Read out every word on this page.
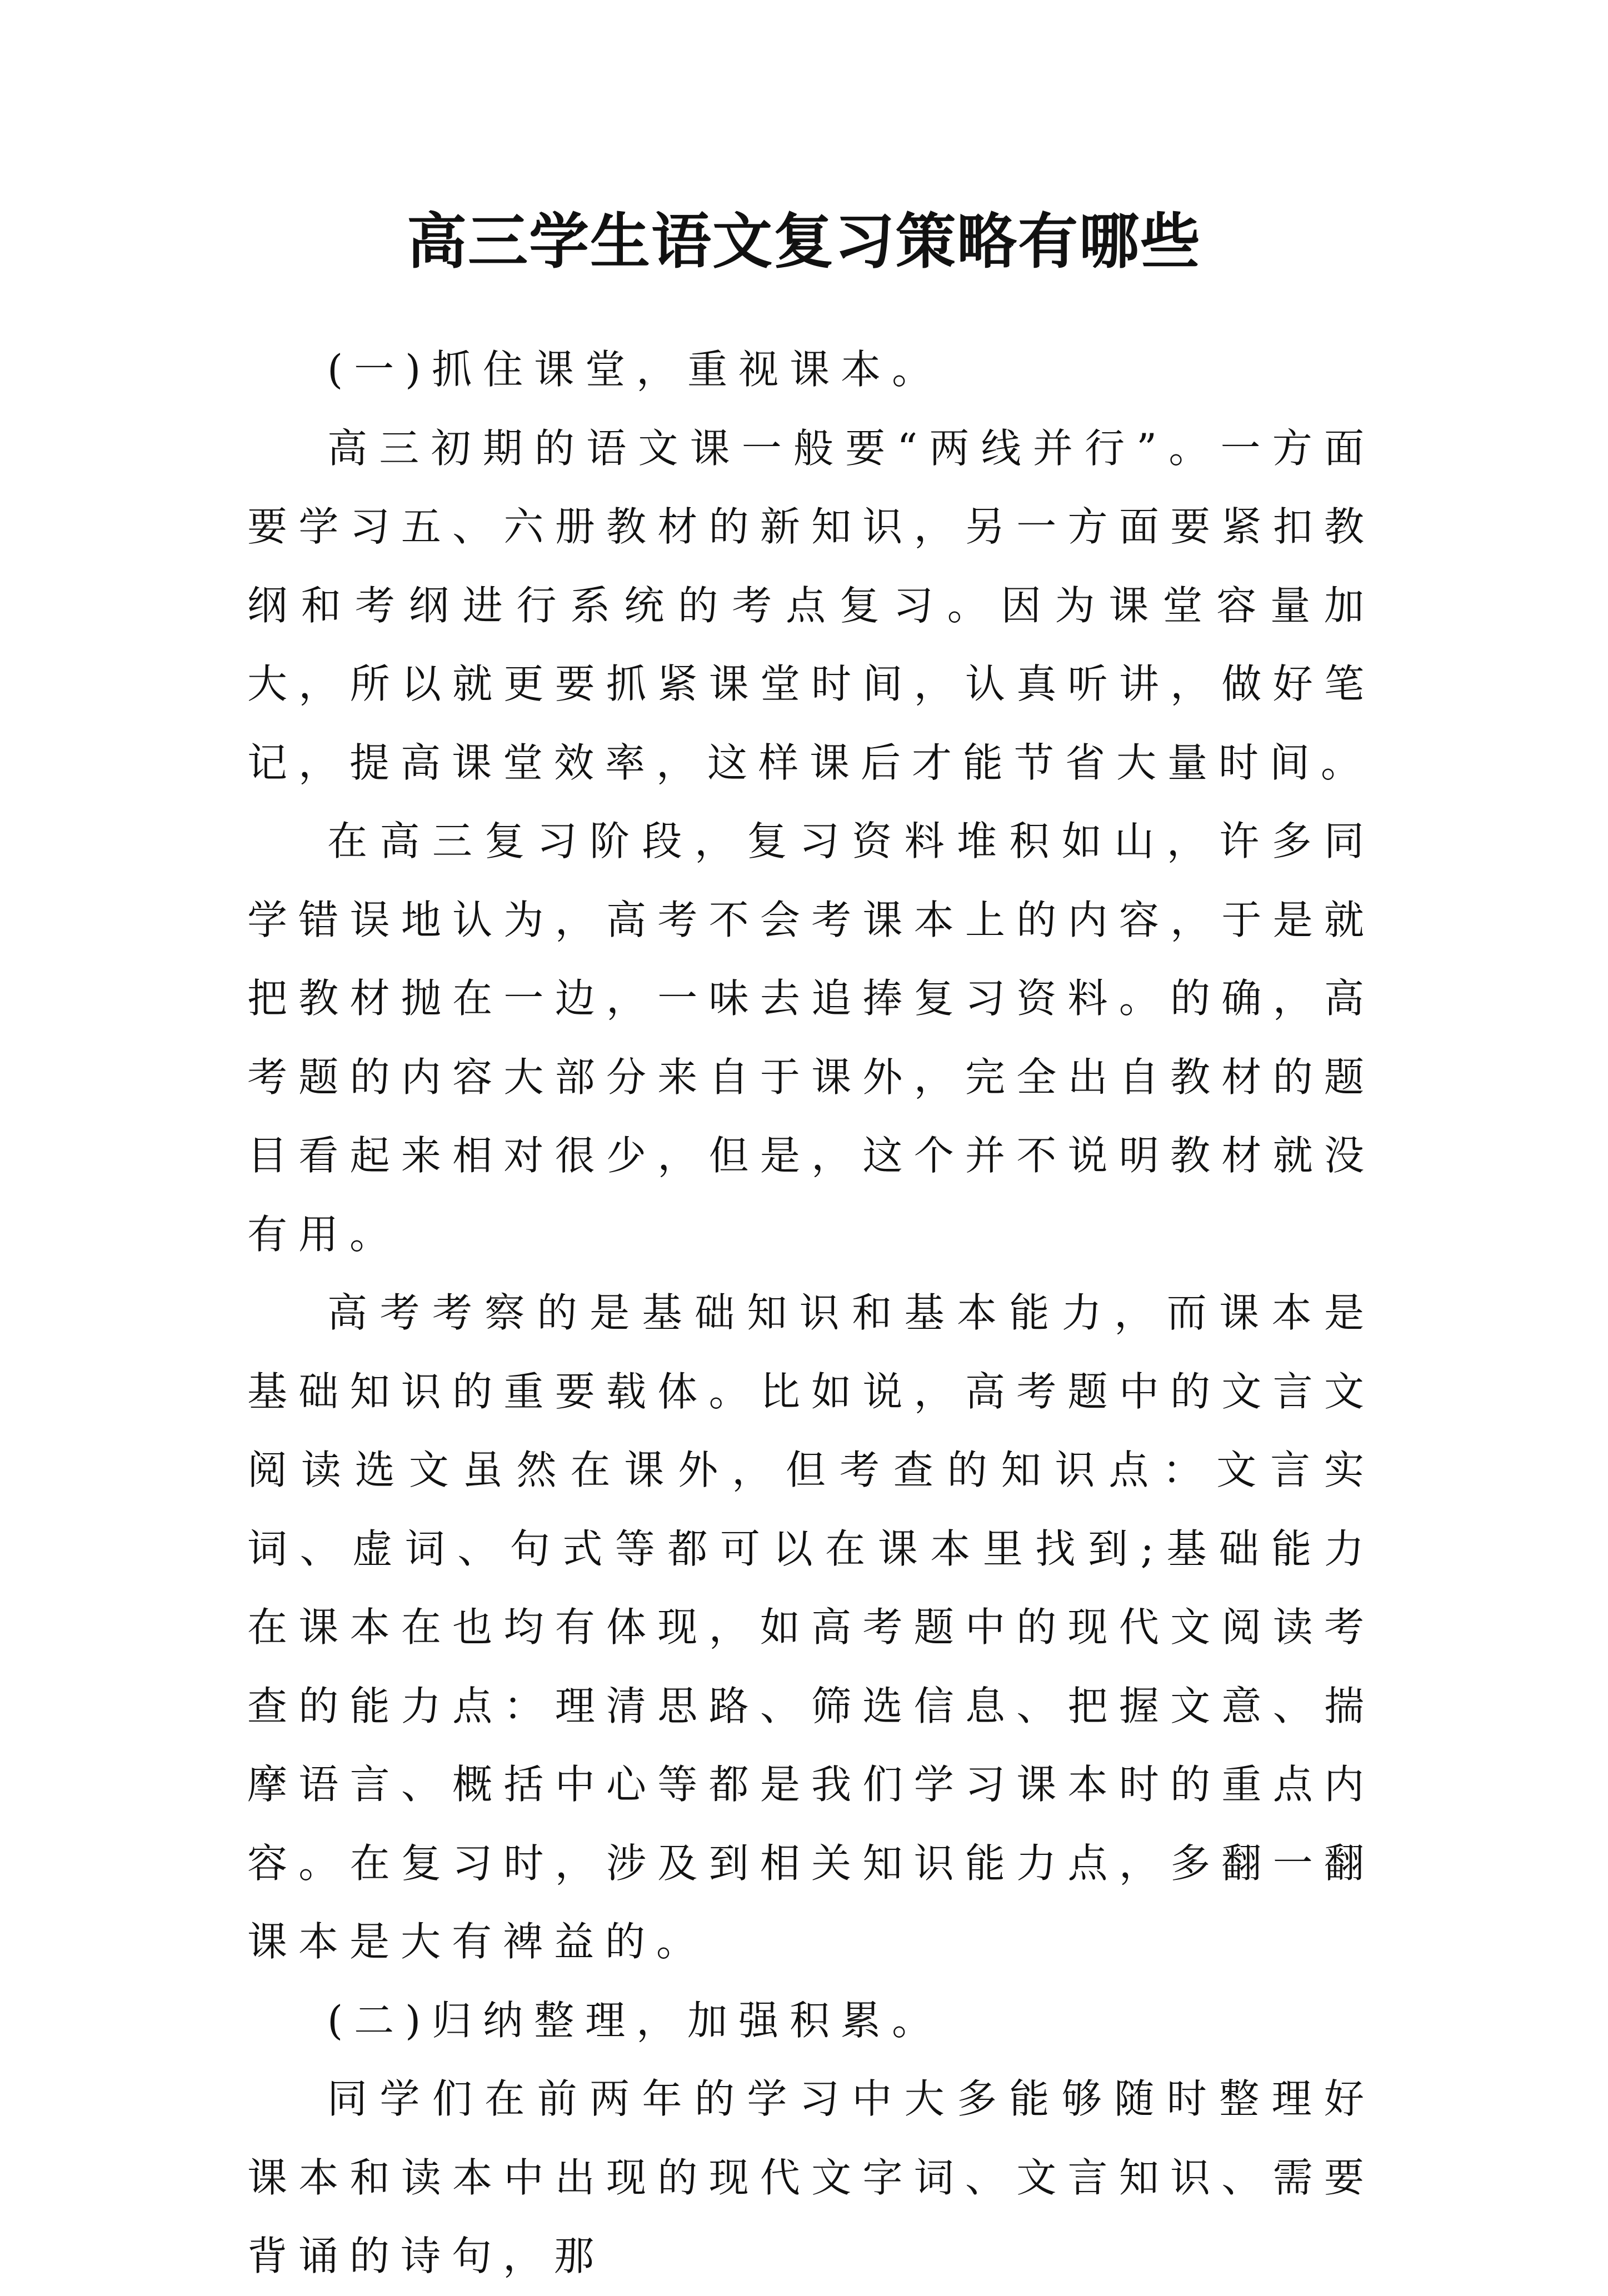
高三学生语文复习策略有哪些

(一)抓住课堂，重视课本。

高三初期的语文课一般要“两线并行”。一方面要学习五、六册教材的新知识，另一方面要紧扣教纲和考纲进行系统的考点复习。因为课堂容量加大，所以就更要抓紧课堂时间，认真听讲，做好笔记，提高课堂效率，这样课后才能节省大量时间。

在高三复习阶段，复习资料堆积如山，许多同学错误地认为，高考不会考课本上的内容，于是就把教材抛在一边，一味去追捧复习资料。的确，高考题的内容大部分来自于课外，完全出自教材的题目看起来相对很少，但是，这个并不说明教材就没有用。

高考考察的是基础知识和基本能力，而课本是基础知识的重要载体。比如说，高考题中的文言文阅读选文虽然在课外，但考查的知识点：文言实词、虚词、句式等都可以在课本里找到;基础能力在课本在也均有体现，如高考题中的现代文阅读考查的能力点：理清思路、筛选信息、把握文意、揣摩语言、概括中心等都是我们学习课本时的重点内容。在复习时，涉及到相关知识能力点，多翻一翻课本是大有裨益的。

(二)归纳整理，加强积累。

同学们在前两年的学习中大多能够随时整理好课本和读本中出现的现代文字词、文言知识、需要背诵的诗句，那
